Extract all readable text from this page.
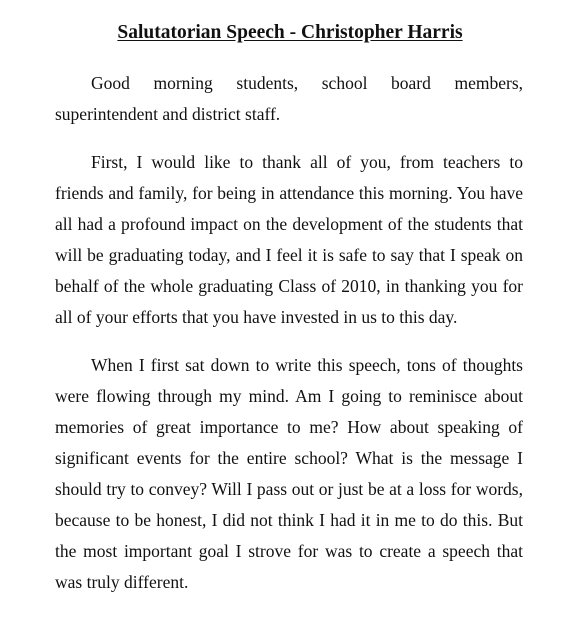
Salutatorian Speech - Christopher Harris

Good morning students, school board members, superintendent and district staff.

First, I would like to thank all of you, from teachers to friends and family, for being in attendance this morning. You have all had a profound impact on the development of the students that will be graduating today, and I feel it is safe to say that I speak on behalf of the whole graduating Class of 2010, in thanking you for all of your efforts that you have invested in us to this day.

When I first sat down to write this speech, tons of thoughts were flowing through my mind. Am I going to reminisce about memories of great importance to me? How about speaking of significant events for the entire school? What is the message I should try to convey? Will I pass out or just be at a loss for words, because to be honest, I did not think I had it in me to do this. But the most important goal I strove for was to create a speech that was truly different.
